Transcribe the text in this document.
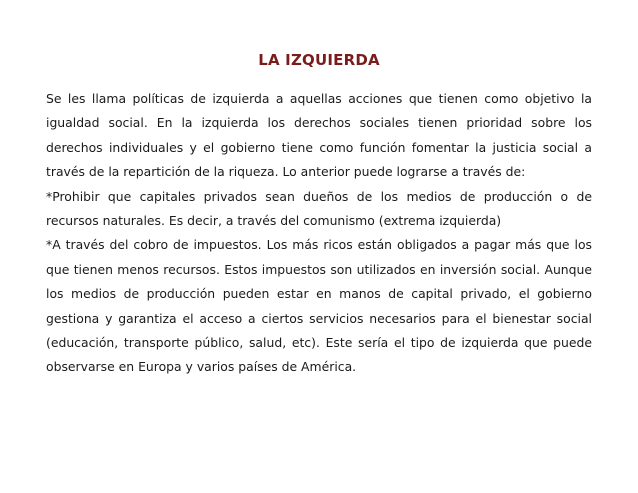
LA IZQUIERDA

Se les llama políticas de izquierda a aquellas acciones que tienen como objetivo la igualdad social. En la izquierda los derechos sociales tienen prioridad sobre los derechos individuales y el gobierno tiene como función fomentar la justicia social a través de la repartición de la riqueza. Lo anterior puede lograrse a través de:

*Prohibir que capitales privados sean dueños de los medios de producción o de recursos naturales. Es decir, a través del comunismo (extrema izquierda)

*A través del cobro de impuestos. Los más ricos están obligados a pagar más que los que tienen menos recursos. Estos impuestos son utilizados en inversión social. Aunque los medios de producción pueden estar en manos de capital privado, el gobierno gestiona y garantiza el acceso a ciertos servicios necesarios para el bienestar social (educación, transporte público, salud, etc). Este sería el tipo de izquierda que puede observarse en Europa y varios países de América.
